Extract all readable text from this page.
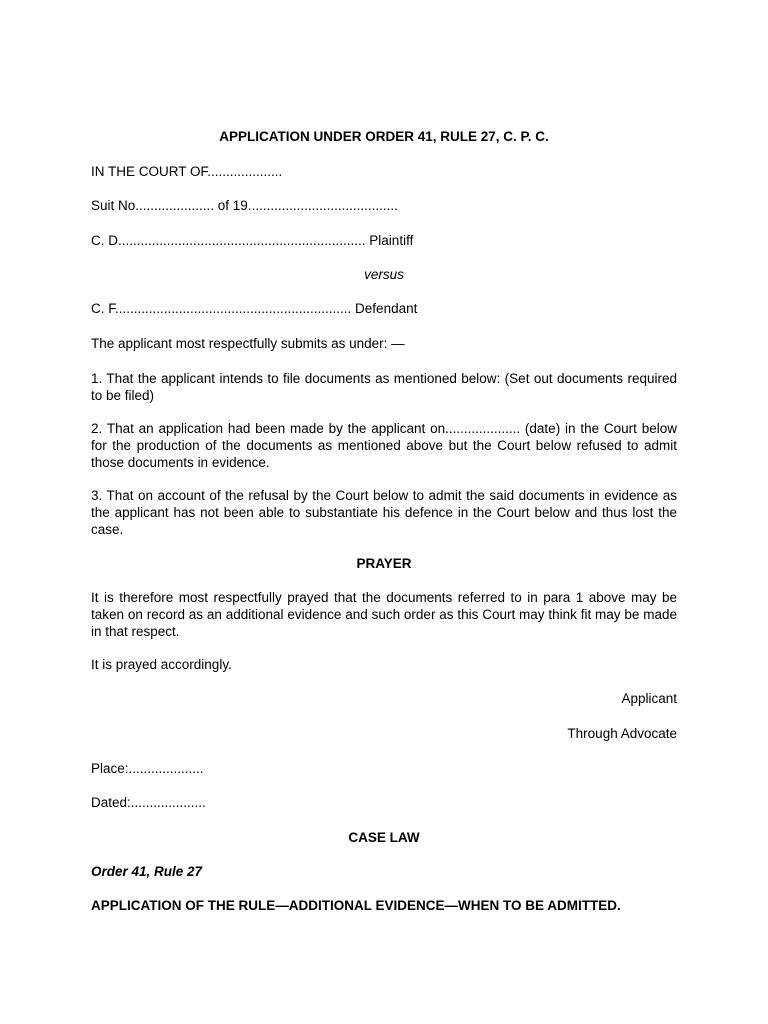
APPLICATION UNDER ORDER 41, RULE 27, C. P. C.

IN THE COURT OF....................

Suit No..................... of 19........................................

C. D.................................................................. Plaintiff

versus

C. F............................................................... Defendant

The applicant most respectfully submits as under: —

1. That the applicant intends to file documents as mentioned below: (Set out documents required to be filed)

2. That an application had been made by the applicant on.................... (date) in the Court below for the production of the documents as mentioned above but the Court below refused to admit those documents in evidence.

3. That on account of the refusal by the Court below to admit the said documents in evidence as the applicant has not been able to substantiate his defence in the Court below and thus lost the case.

PRAYER

It is therefore most respectfully prayed that the documents referred to in para 1 above may be taken on record as an additional evidence and such order as this Court may think fit may be made in that respect.

It is prayed accordingly.

Applicant

Through Advocate

Place:....................

Dated:....................

CASE LAW

Order 41, Rule 27

APPLICATION OF THE RULE—ADDITIONAL EVIDENCE—WHEN TO BE ADMITTED.
